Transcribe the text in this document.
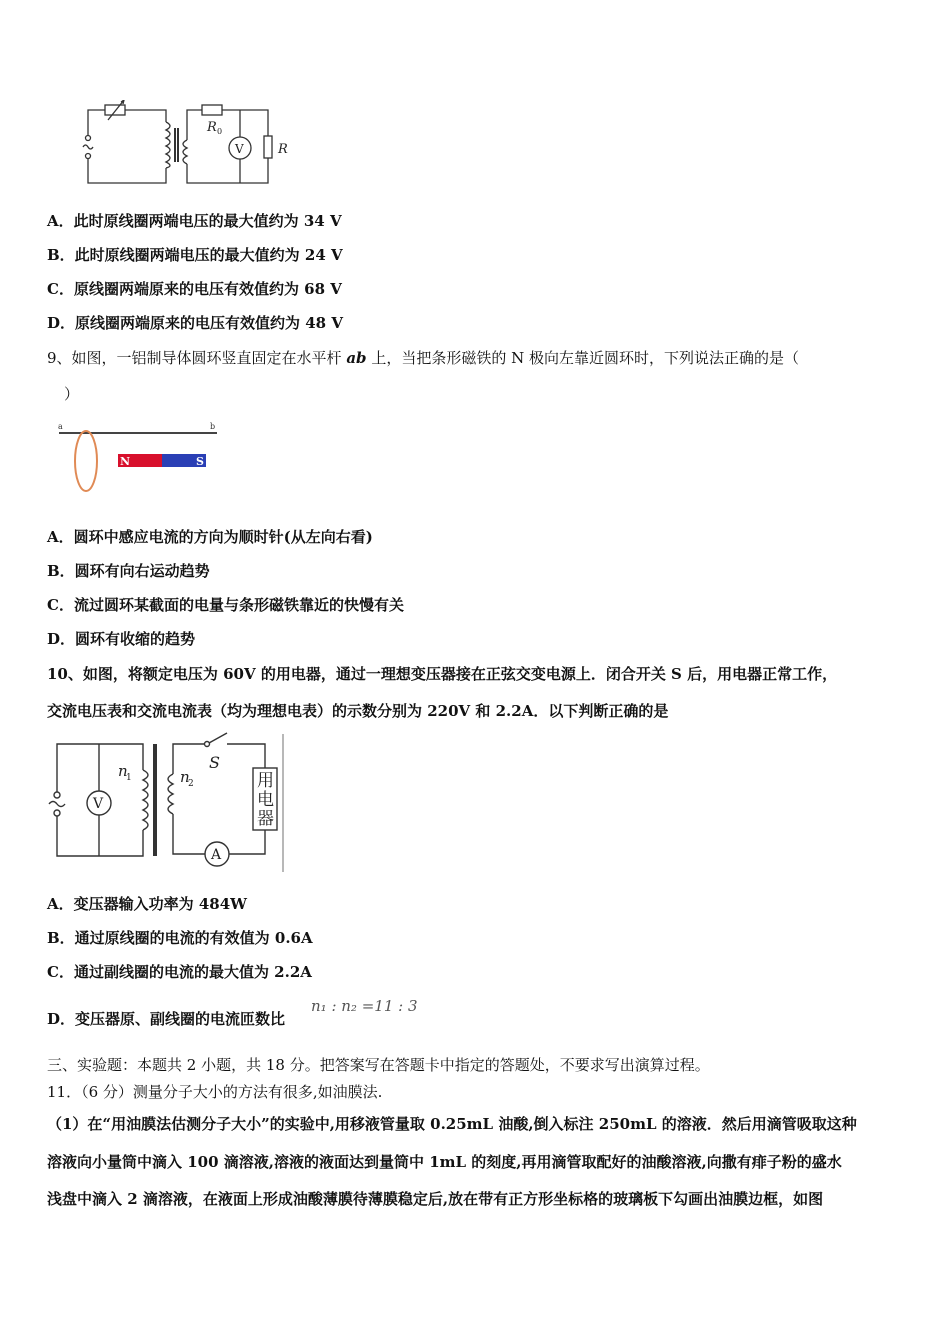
R 0
V	R
A．此时原线圈两端电压的最大值约为 34 V
B．此时原线圈两端电压的最大值约为 24 V
C．原线圈两端原来的电压有效值约为 68 V
D．原线圈两端原来的电压有效值约为 48 V
9、如图，一铝制导体圆环竖直固定在水平杆 ab 上，当把条形磁铁的 N 极向左靠近圆环时，下列说法正确的是（
）
a	b
N	S
A．圆环中感应电流的方向为顺时针(从左向右看)
B．圆环有向右运动趋势
C．流过圆环某截面的电量与条形磁铁靠近的快慢有关
D．圆环有收缩的趋势
10、如图，将额定电压为 60V 的用电器，通过一理想变压器接在正弦交变电源上．闭合开关 S 后，用电器正常工作，
交流电压表和交流电流表（均为理想电表）的示数分别为 220V 和 2.2A．以下判断正确的是
n
1	n
2
S
V
A
用
电
器
A．变压器输入功率为 484W
B．通过原线圈的电流的有效值为 0.6A
C．通过副线圈的电流的最大值为 2.2A
D．变压器原、副线圈的电流匝数比
n₁ : n₂ =11 : 3
三、实验题：本题共 2 小题，共 18 分。把答案写在答题卡中指定的答题处，不要求写出演算过程。
11．（6 分）测量分子大小的方法有很多,如油膜法.
（1）在“用油膜法估测分子大小”的实验中,用移液管量取 0.25mL 油酸,倒入标注 250mL 的溶液．然后用滴管吸取这种
溶液向小量筒中滴入 100 滴溶液,溶液的液面达到量筒中 1mL 的刻度,再用滴管取配好的油酸溶液,向撒有痱子粉的盛水
浅盘中滴入 2 滴溶液，在液面上形成油酸薄膜待薄膜稳定后,放在带有正方形坐标格的玻璃板下勾画出油膜边框，如图
